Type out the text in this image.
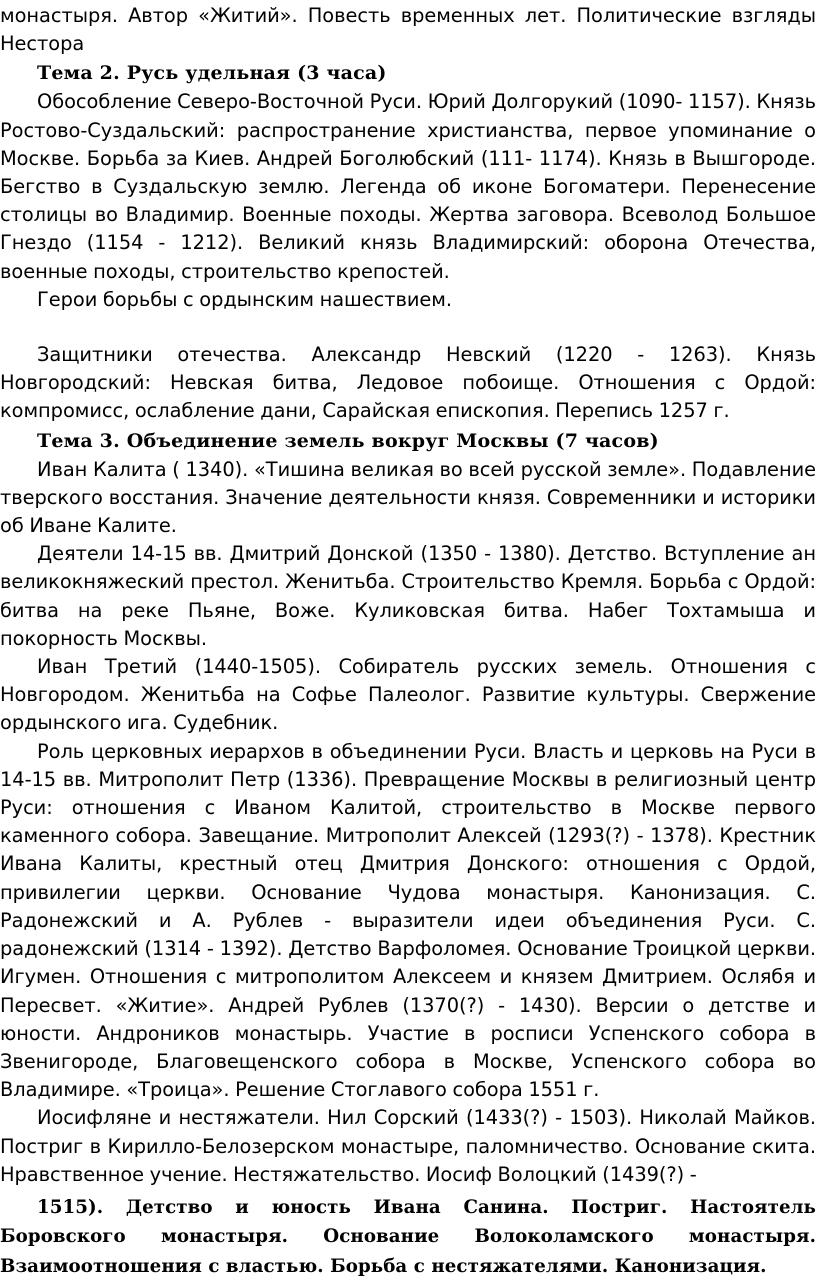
монастыря. Автор «Житий». Повесть временных лет. Политические взгляды Нестора

Тема 2. Русь удельная (3 часа)

Обособление Северо-Восточной Руси. Юрий Долгорукий (1090- 1157). Князь Ростово-Суздальский: распространение христианства, первое упоминание о Москве. Борьба за Киев. Андрей Боголюбский (111- 1174). Князь в Вышгороде. Бегство в Суздальскую землю. Легенда об иконе Богоматери. Перенесение столицы во Владимир. Военные походы. Жертва заговора. Всеволод Большое Гнездо (1154 - 1212). Великий князь Владимирский: оборона Отечества, военные походы, строительство крепостей.

Герои борьбы с ордынским нашествием.

Защитники отечества. Александр Невский (1220 - 1263). Князь Новгородский: Невская битва, Ледовое побоище. Отношения с Ордой: компромисс, ослабление дани, Сарайская епископия. Перепись 1257 г.

Тема 3. Объединение земель вокруг Москвы (7 часов)

Иван Калита ( 1340). «Тишина великая во всей русской земле». Подавление тверского восстания. Значение деятельности князя. Современники и историки об Иване Калите.

Деятели 14-15 вв. Дмитрий Донской (1350 - 1380). Детство. Вступление ан великокняжеский престол. Женитьба. Строительство Кремля. Борьба с Ордой: битва на реке Пьяне, Воже. Куликовская битва. Набег Тохтамыша и покорность Москвы.

Иван Третий (1440-1505). Собиратель русских земель. Отношения с Новгородом. Женитьба на Софье Палеолог. Развитие культуры. Свержение ордынского ига. Судебник.

Роль церковных иерархов в объединении Руси. Власть и церковь на Руси в 14-15 вв. Митрополит Петр (1336). Превращение Москвы в религиозный центр Руси: отношения с Иваном Калитой, строительство в Москве первого каменного собора. Завещание. Митрополит Алексей (1293(?) - 1378). Крестник Ивана Калиты, крестный отец Дмитрия Донского: отношения с Ордой, привилегии церкви. Основание Чудова монастыря. Канонизация. С. Радонежский и А. Рублев - выразители идеи объединения Руси. С. радонежский (1314 - 1392). Детство Варфоломея. Основание Троицкой церкви. Игумен. Отношения с митрополитом Алексеем и князем Дмитрием. Ослябя и Пересвет. «Житие». Андрей Рублев (1370(?) - 1430). Версии о детстве и юности. Андроников монастырь. Участие в росписи Успенского собора в Звенигороде, Благовещенского собора в Москве, Успенского собора во Владимире. «Троица». Решение Стоглавого собора 1551 г.

Иосифляне и нестяжатели. Нил Сорский (1433(?) - 1503). Николай Майков. Постриг в Кирилло-Белозерском монастыре, паломничество. Основание скита. Нравственное учение. Нестяжательство. Иосиф Волоцкий (1439(?) -

1515). Детство и юность Ивана Санина. Постриг. Настоятель Боровского монастыря. Основание Волоколамского монастыря. Взаимоотношения с властью. Борьба с нестяжателями. Канонизация.
